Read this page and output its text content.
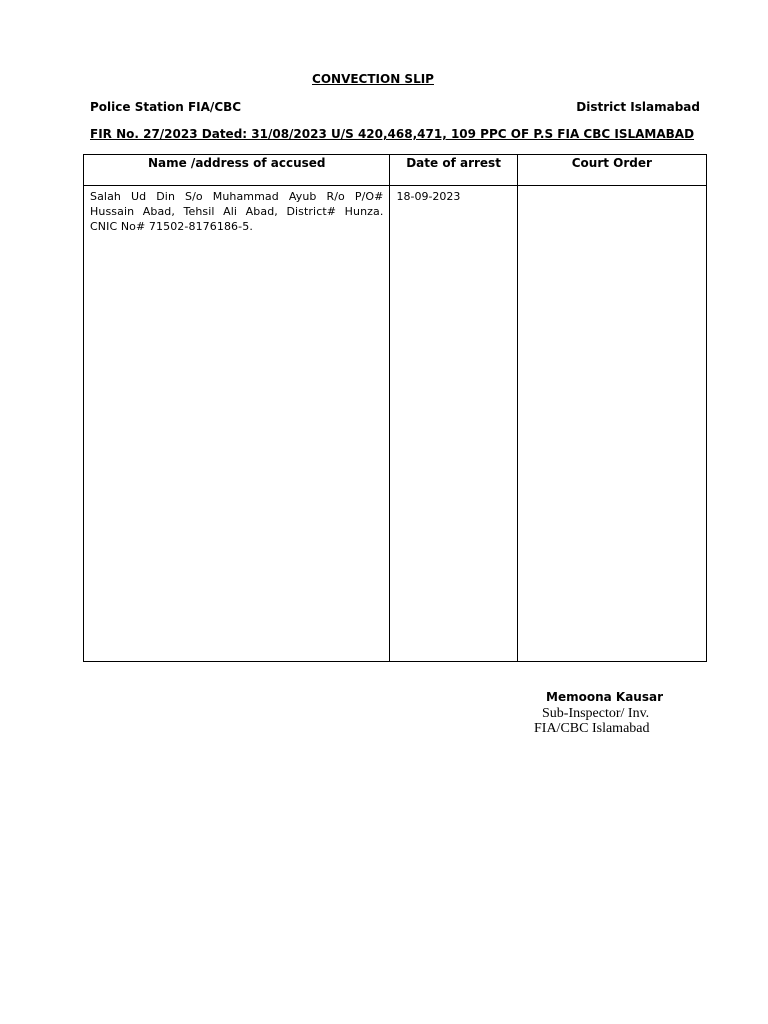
CONVECTION SLIP
Police Station FIA/CBC	District Islamabad
FIR No. 27/2023 Dated: 31/08/2023 U/S 420,468,471, 109 PPC OF P.S FIA CBC ISLAMABAD
Name /address of accused	Date of arrest	Court Order

Salah Ud Din S/o Muhammad Ayub R/o P/O# Hussain Abad, Tehsil Ali Abad, District# Hunza. CNIC No# 71502-8176186-5.	18-09-2023	

Memoona Kausar
Sub-Inspector/ Inv.
FIA/CBC Islamabad
